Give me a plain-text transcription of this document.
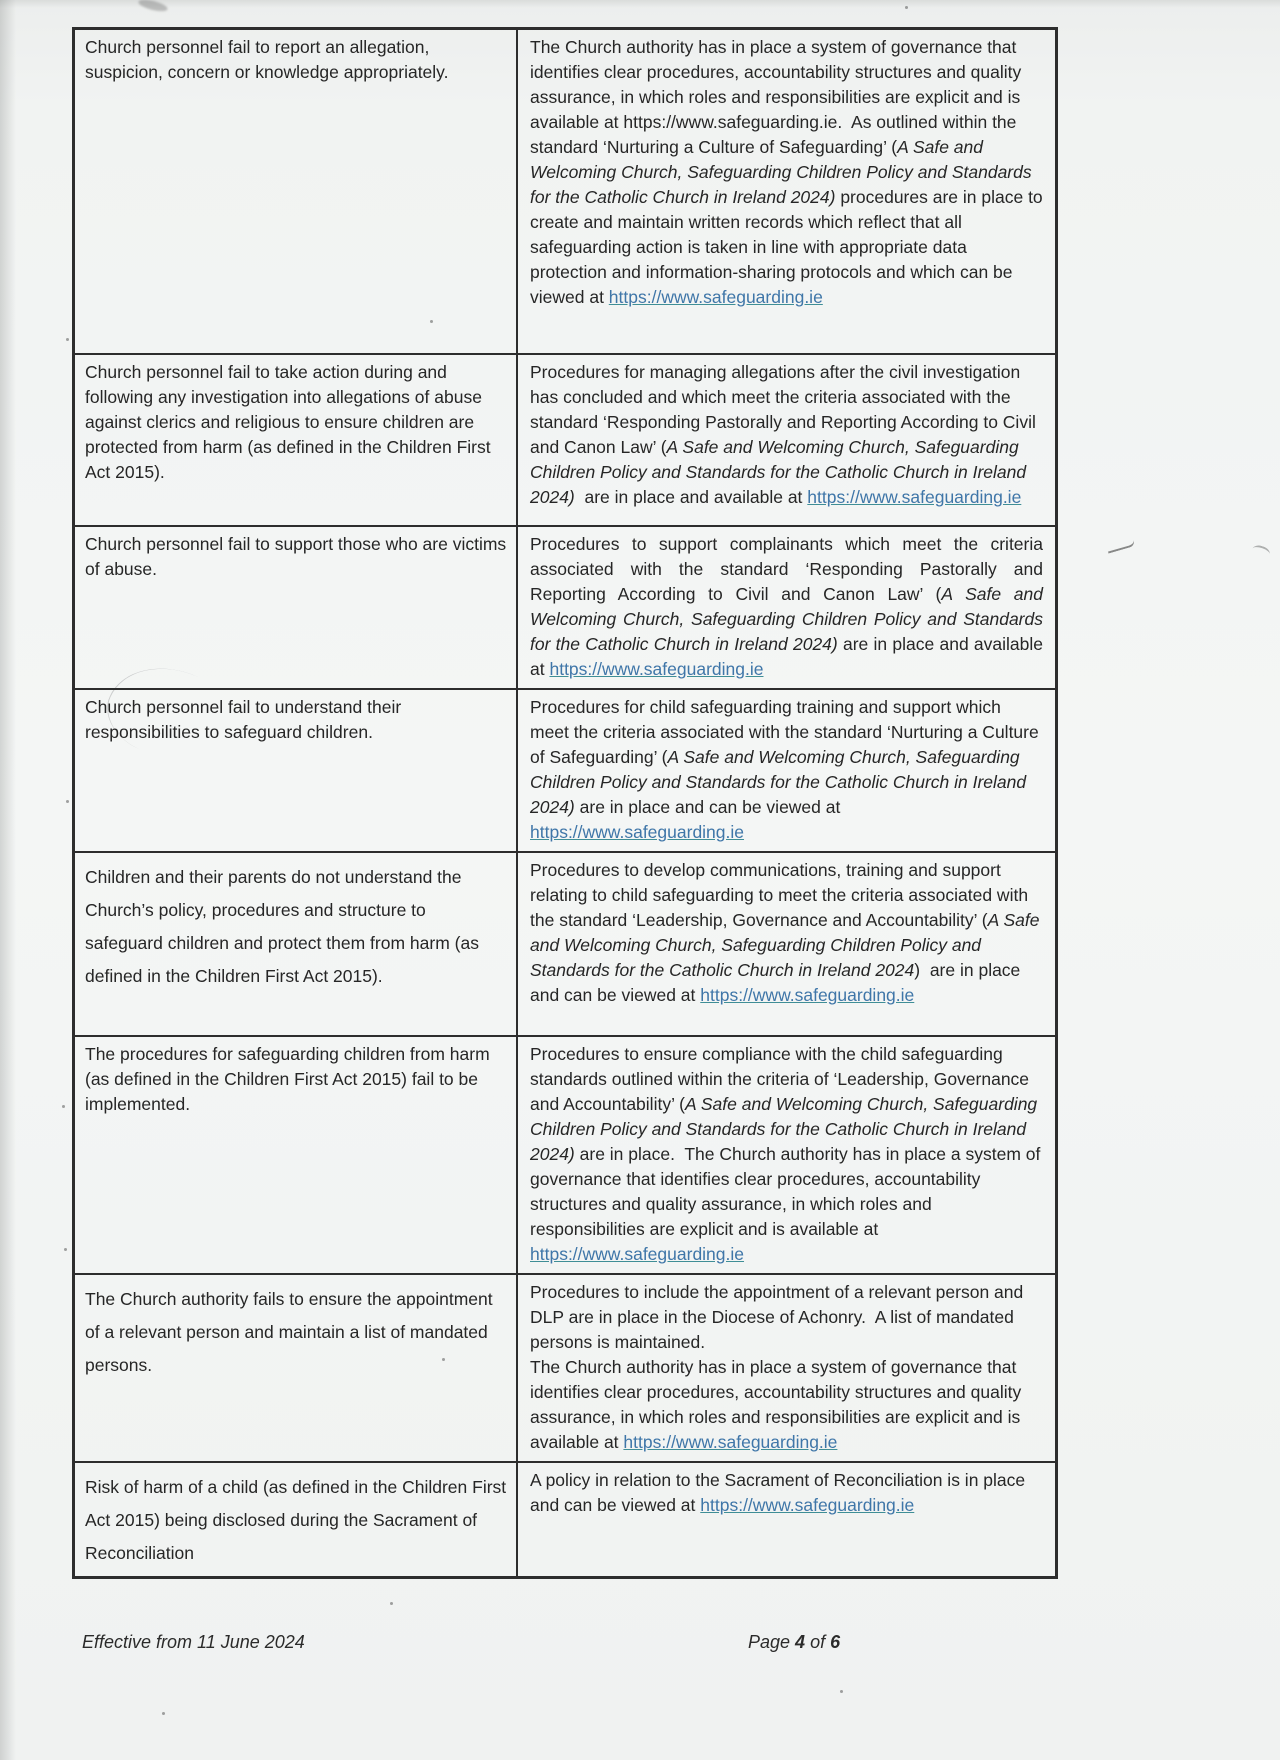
Church personnel fail to report an allegation, suspicion, concern or knowledge appropriately.
The Church authority has in place a system of governance that identifies clear procedures, accountability structures and quality assurance, in which roles and responsibilities are explicit and is available at https://www.safeguarding.ie.  As outlined within the standard ‘Nurturing a Culture of Safeguarding’ (A Safe and Welcoming Church, Safeguarding Children Policy and Standards for the Catholic Church in Ireland 2024) procedures are in place to create and maintain written records which reflect that all safeguarding action is taken in line with appropriate data protection and information-sharing protocols and which can be viewed at https://www.safeguarding.ie
Church personnel fail to take action during and following any investigation into allegations of abuse against clerics and religious to ensure children are protected from harm (as defined in the Children First Act 2015).
Procedures for managing allegations after the civil investigation has concluded and which meet the criteria associated with the standard ‘Responding Pastorally and Reporting According to Civil and Canon Law’ (A Safe and Welcoming Church, Safeguarding Children Policy and Standards for the Catholic Church in Ireland 2024)  are in place and available at https://www.safeguarding.ie
Church personnel fail to support those who are victims of abuse.
Procedures to support complainants which meet the criteria associated with the standard ‘Responding Pastorally and Reporting According to Civil and Canon Law’ (A Safe and Welcoming Church, Safeguarding Children Policy and Standards for the Catholic Church in Ireland 2024) are in place and available at https://www.safeguarding.ie
Church personnel fail to understand their responsibilities to safeguard children.
Procedures for child safeguarding training and support which meet the criteria associated with the standard ‘Nurturing a Culture of Safeguarding’ (A Safe and Welcoming Church, Safeguarding Children Policy and Standards for the Catholic Church in Ireland 2024) are in place and can be viewed at https://www.safeguarding.ie
Children and their parents do not understand the Church’s policy, procedures and structure to safeguard children and protect them from harm (as defined in the Children First Act 2015).
Procedures to develop communications, training and support relating to child safeguarding to meet the criteria associated with the standard ‘Leadership, Governance and Accountability’ (A Safe and Welcoming Church, Safeguarding Children Policy and Standards for the Catholic Church in Ireland 2024)  are in place and can be viewed at https://www.safeguarding.ie
The procedures for safeguarding children from harm (as defined in the Children First Act 2015) fail to be implemented.
Procedures to ensure compliance with the child safeguarding standards outlined within the criteria of ‘Leadership, Governance and Accountability’ (A Safe and Welcoming Church, Safeguarding Children Policy and Standards for the Catholic Church in Ireland 2024) are in place.  The Church authority has in place a system of governance that identifies clear procedures, accountability structures and quality assurance, in which roles and responsibilities are explicit and is available at https://www.safeguarding.ie
The Church authority fails to ensure the appointment of a relevant person and maintain a list of mandated persons.
Procedures to include the appointment of a relevant person and DLP are in place in the Diocese of Achonry.  A list of mandated persons is maintained.
The Church authority has in place a system of governance that identifies clear procedures, accountability structures and quality assurance, in which roles and responsibilities are explicit and is available at https://www.safeguarding.ie
Risk of harm of a child (as defined in the Children First Act 2015) being disclosed during the Sacrament of Reconciliation
A policy in relation to the Sacrament of Reconciliation is in place and can be viewed at https://www.safeguarding.ie
Effective from 11 June 2024	Page 4 of 6
